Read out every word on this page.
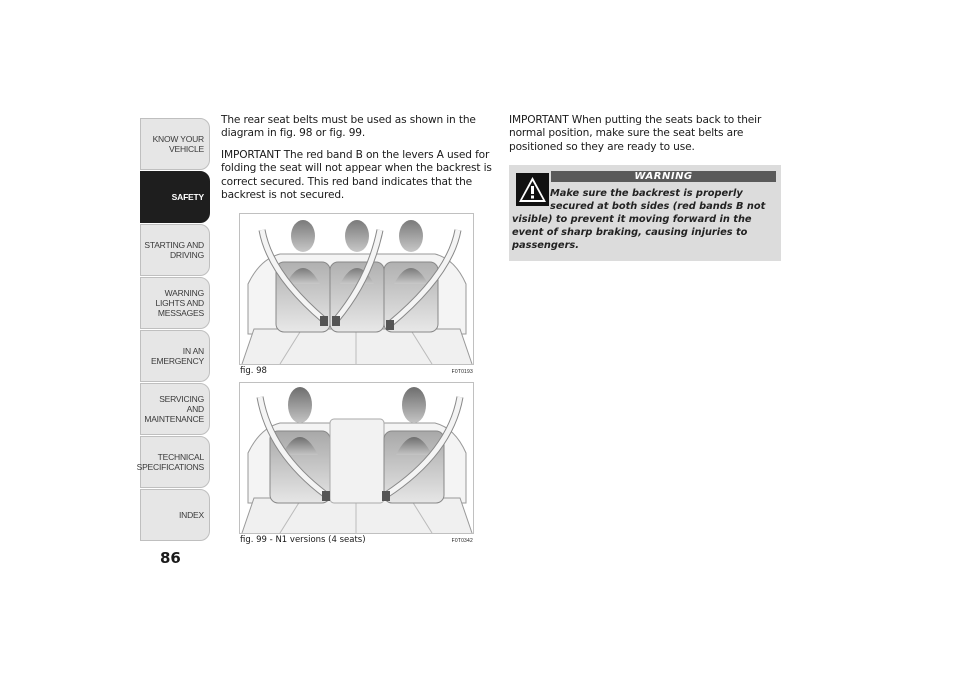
KNOW YOUR VEHICLE
SAFETY
STARTING AND DRIVING
WARNING LIGHTS AND MESSAGES
IN AN EMERGENCY
SERVICING AND MAINTENANCE
TECHNICAL SPECIFICATIONS
INDEX
86

The rear seat belts must be used as shown in the diagram in fig. 98 or fig. 99.

IMPORTANT The red band B on the levers A used for folding the seat will not appear when the backrest is correct secured. This red band indicates that the backrest is not secured.

fig. 98	F0T0193
fig. 99 - N1 versions (4 seats)	F0T0342

IMPORTANT When putting the seats back to their normal position, make sure the seat belts are positioned so they are ready to use.

WARNING
Make sure the backrest is properly secured at both sides (red bands B not visible) to prevent it moving forward in the event of sharp braking, causing injuries to passengers.
